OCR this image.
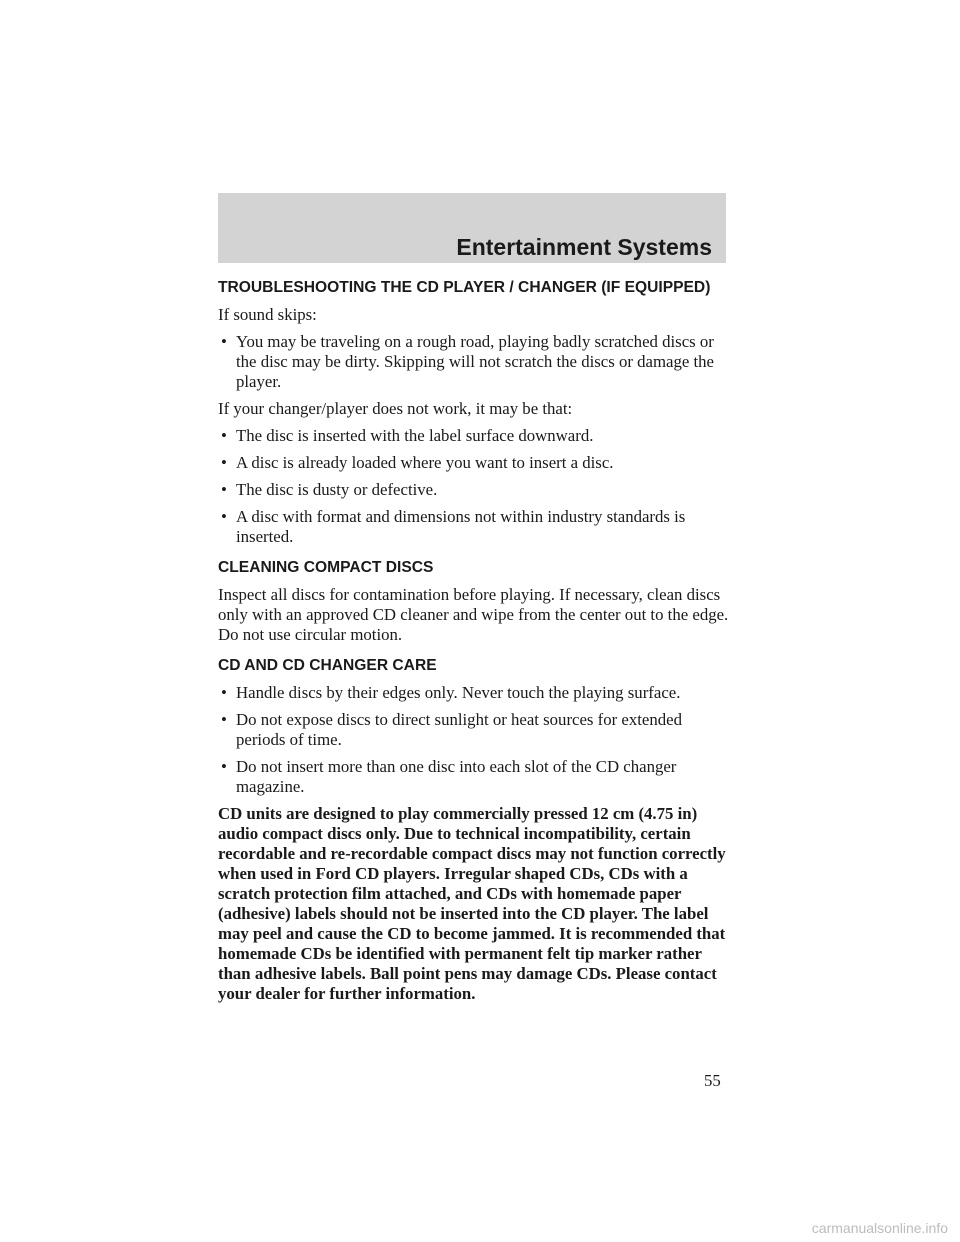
Entertainment Systems
TROUBLESHOOTING THE CD PLAYER / CHANGER (IF EQUIPPED)

If sound skips:

• You may be traveling on a rough road, playing badly scratched discs or the disc may be dirty. Skipping will not scratch the discs or damage the player.

If your changer/player does not work, it may be that:

• The disc is inserted with the label surface downward.
• A disc is already loaded where you want to insert a disc.
• The disc is dusty or defective.
• A disc with format and dimensions not within industry standards is inserted.
CLEANING COMPACT DISCS

Inspect all discs for contamination before playing. If necessary, clean discs only with an approved CD cleaner and wipe from the center out to the edge. Do not use circular motion.

CD AND CD CHANGER CARE
• Handle discs by their edges only. Never touch the playing surface.
• Do not expose discs to direct sunlight or heat sources for extended periods of time.
• Do not insert more than one disc into each slot of the CD changer magazine.

CD units are designed to play commercially pressed 12 cm (4.75 in) audio compact discs only. Due to technical incompatibility, certain recordable and re-recordable compact discs may not function correctly when used in Ford CD players. Irregular shaped CDs, CDs with a scratch protection film attached, and CDs with homemade paper (adhesive) labels should not be inserted into the CD player. The label may peel and cause the CD to become jammed. It is recommended that homemade CDs be identified with permanent felt tip marker rather than adhesive labels. Ball point pens may damage CDs. Please contact your dealer for further information.

55
carmanualsonline.info
